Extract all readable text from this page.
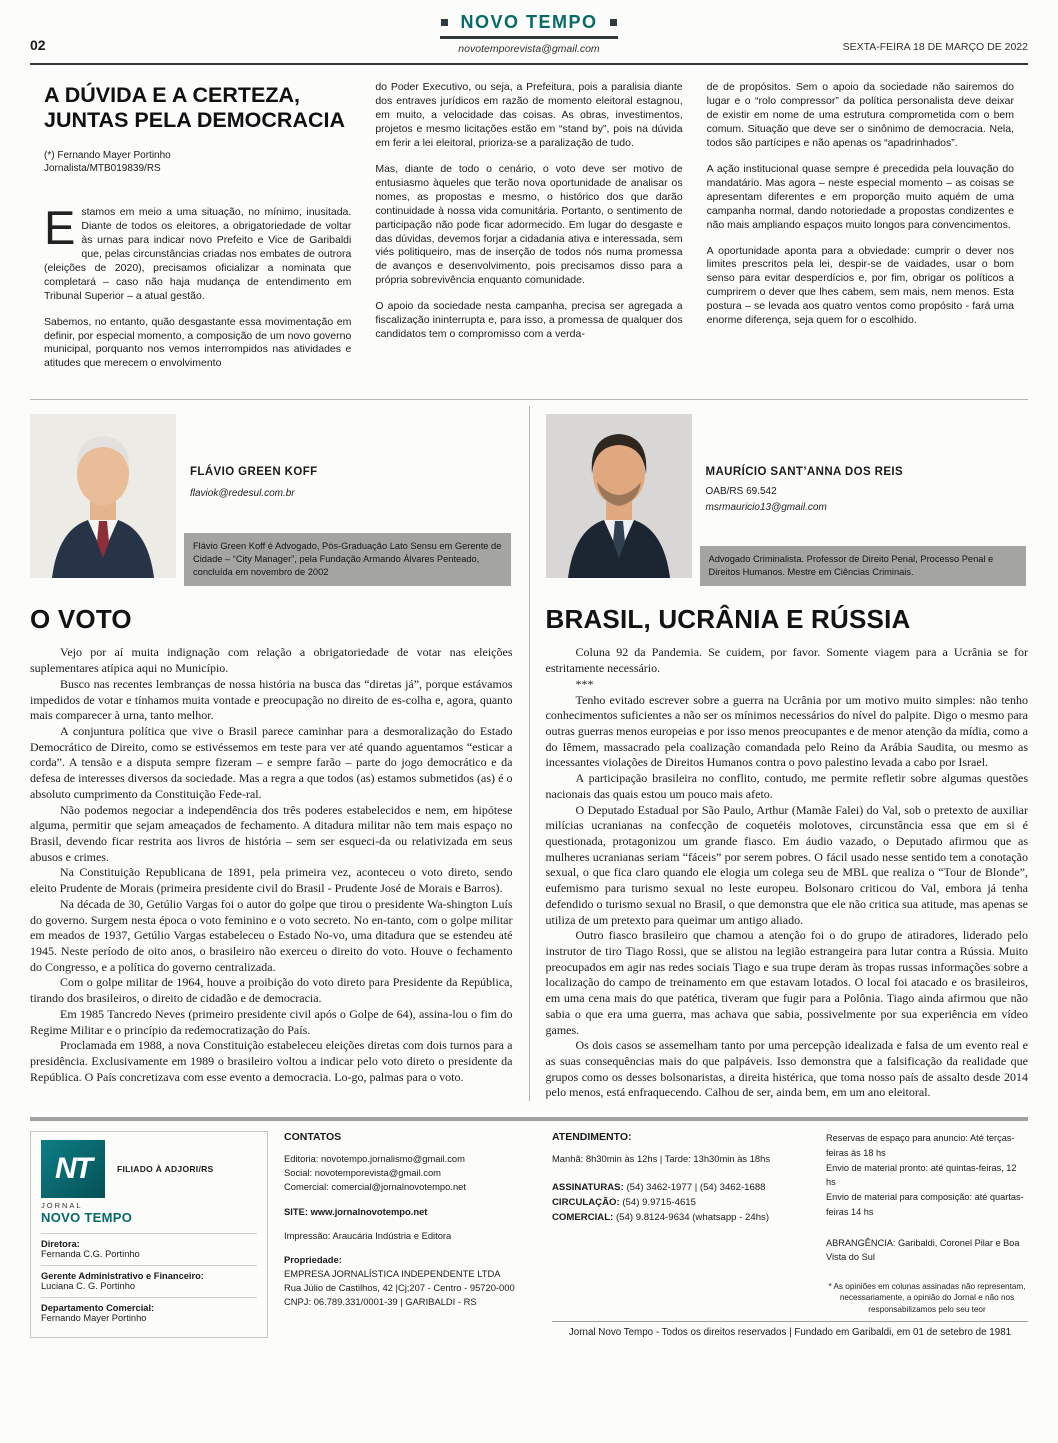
NOVO TEMPO
novotemporevista@gmail.com
02	SEXTA-FEIRA 18 DE MARÇO DE 2022
A DÚVIDA E A CERTEZA, JUNTAS PELA DEMOCRACIA
(*) Fernando Mayer Portinho
Jornalista/MTB019839/RS

Estamos em meio a uma situação, no mínimo, inusitada. Diante de todos os eleitores, a obrigatoriedade de voltar às urnas para indicar novo Prefeito e Vice de Garibaldi que, pelas circunstâncias criadas nos embates de outrora (eleições de 2020), precisamos oficializar a nominata que completará – caso não haja mudança de entendimento em Tribunal Superior – a atual gestão.

Sabemos, no entanto, quão desgastante essa movimentação em definir, por especial momento, a composição de um novo governo municipal, porquanto nos vemos interrompidos nas atividades e atitudes que merecem o envolvimento

do Poder Executivo, ou seja, a Prefeitura, pois a paralisia diante dos entraves jurídicos em razão de momento eleitoral estagnou, em muito, a velocidade das coisas. As obras, investimentos, projetos e mesmo licitações estão em “stand by”, pois na dúvida em ferir a lei eleitoral, prioriza-se a paralização de tudo.

Mas, diante de todo o cenário, o voto deve ser motivo de entusiasmo àqueles que terão nova oportunidade de analisar os nomes, as propostas e mesmo, o histórico dos que darão continuidade à nossa vida comunitária. Portanto, o sentimento de participação não pode ficar adormecido. Em lugar do desgaste e das dúvidas, devemos forjar a cidadania ativa e interessada, sem viés politiqueiro, mas de inserção de todos nós numa promessa de avanços e desenvolvimento, pois precisamos disso para a própria sobrevivência enquanto comunidade.

O apoio da sociedade nesta campanha, precisa ser agregada a fiscalização ininterrupta e, para isso, a promessa de qualquer dos candidatos tem o compromisso com a verda-

de de propósitos. Sem o apoio da sociedade não sairemos do lugar e o “rolo compressor” da política personalista deve deixar de existir em nome de uma estrutura comprometida com o bem comum. Situação que deve ser o sinônimo de democracia. Nela, todos são partícipes e não apenas os “apadrinhados”.

A ação institucional quase sempre é precedida pela louvação do mandatário. Mas agora – neste especial momento – as coisas se apresentam diferentes e em proporção muito aquém de uma campanha normal, dando notoriedade a propostas condizentes e não mais ampliando espaços muito longos para convencimentos.

A oportunidade aponta para a obviedade: cumprir o dever nos limites prescritos pela lei, despir-se de vaidades, usar o bom senso para evitar desperdícios e, por fim, obrigar os políticos a cumprirem o dever que lhes cabem, sem mais, nem menos. Esta postura – se levada aos quatro ventos como propósito - fará uma enorme diferença, seja quem for o escolhido.

FLÁVIO GREEN KOFF
flaviok@redesul.com.br
Flávio Green Koff é Advogado, Pós-Graduação Lato Sensu em Gerente de Cidade – “City Manager”, pela Fundação Armando Álvares Penteado, concluída em novembro de 2002
O VOTO

Vejo por aí muita indignação com relação a obrigatoriedade de votar nas eleições suplementares atípica aqui no Município.

Busco nas recentes lembranças de nossa história na busca das “diretas já”, porque estávamos impedidos de votar e tínhamos muita vontade e preocupação no direito de es-colha e, agora, quanto mais comparecer à urna, tanto melhor.

A conjuntura política que vive o Brasil parece caminhar para a desmoralização do Estado Democrático de Direito, como se estivéssemos em teste para ver até quando aguentamos “esticar a corda”. A tensão e a disputa sempre fizeram – e sempre farão – parte do jogo democrático e da defesa de interesses diversos da sociedade. Mas a regra a que todos (as) estamos submetidos (as) é o absoluto cumprimento da Constituição Fede-ral.

Não podemos negociar a independência dos três poderes estabelecidos e nem, em hipótese alguma, permitir que sejam ameaçados de fechamento. A ditadura militar não tem mais espaço no Brasil, devendo ficar restrita aos livros de história – sem ser esqueci-da ou relativizada em seus abusos e crimes.

Na Constituição Republicana de 1891, pela primeira vez, aconteceu o voto direto, sendo eleito Prudente de Morais (primeira presidente civil do Brasil - Prudente José de Morais e Barros).

Na década de 30, Getúlio Vargas foi o autor do golpe que tirou o presidente Wa-shington Luís do governo. Surgem nesta época o voto feminino e o voto secreto. No en-tanto, com o golpe militar em meados de 1937, Getúlio Vargas estabeleceu o Estado No-vo, uma ditadura que se estendeu até 1945. Neste período de oito anos, o brasileiro não exerceu o direito do voto. Houve o fechamento do Congresso, e a política do governo centralizada.

Com o golpe militar de 1964, houve a proibição do voto direto para Presidente da República, tirando dos brasileiros, o direito de cidadão e de democracia.

Em 1985 Tancredo Neves (primeiro presidente civil após o Golpe de 64), assina-lou o fim do Regime Militar e o princípio da redemocratização do País.

Proclamada em 1988, a nova Constituição estabeleceu eleições diretas com dois turnos para a presidência. Exclusivamente em 1989 o brasileiro voltou a indicar pelo voto direto o presidente da República. O País concretizava com esse evento a democracia. Lo-go, palmas para o voto.

MAURÍCIO SANT’ANNA DOS REIS
OAB/RS 69.542
msrmauricio13@gmail.com
Advogado Criminalista. Professor de Direito Penal, Processo Penal e Direitos Humanos. Mestre em Ciências Criminais.
BRASIL, UCRÂNIA E RÚSSIA

Coluna 92 da Pandemia. Se cuidem, por favor. Somente viagem para a Ucrânia se for estritamente necessário.

***

Tenho evitado escrever sobre a guerra na Ucrânia por um motivo muito simples: não tenho conhecimentos suficientes a não ser os mínimos necessários do nível do palpite. Digo o mesmo para outras guerras menos europeias e por isso menos preocupantes e de menor atenção da mídia, como a do Iêmem, massacrado pela coalização comandada pelo Reino da Arábia Saudita, ou mesmo as incessantes violações de Direitos Humanos contra o povo palestino levada a cabo por Israel.

A participação brasileira no conflito, contudo, me permite refletir sobre algumas questões nacionais das quais estou um pouco mais afeto.

O Deputado Estadual por São Paulo, Arthur (Mamãe Falei) do Val, sob o pretexto de auxiliar milícias ucranianas na confecção de coquetéis molotoves, circunstância essa que em si é questionada, protagonizou um grande fiasco. Em áudio vazado, o Deputado afirmou que as mulheres ucranianas seriam “fáceis” por serem pobres. O fácil usado nesse sentido tem a conotação sexual, o que fica claro quando ele elogia um colega seu de MBL que realiza o “Tour de Blonde”, eufemismo para turismo sexual no leste europeu. Bolsonaro criticou do Val, embora já tenha defendido o turismo sexual no Brasil, o que demonstra que ele não critica sua atitude, mas apenas se utiliza de um pretexto para queimar um antigo aliado.

Outro fiasco brasileiro que chamou a atenção foi o do grupo de atiradores, liderado pelo instrutor de tiro Tiago Rossi, que se alistou na legião estrangeira para lutar contra a Rússia. Muito preocupados em agir nas redes sociais Tiago e sua trupe deram às tropas russas informações sobre a localização do campo de treinamento em que estavam lotados. O local foi atacado e os brasileiros, em uma cena mais do que patética, tiveram que fugir para a Polônia. Tiago ainda afirmou que não sabia o que era uma guerra, mas achava que sabia, possivelmente por sua experiência em vídeo games.

Os dois casos se assemelham tanto por uma percepção idealizada e falsa de um evento real e as suas consequências mais do que palpáveis. Isso demonstra que a falsificação da realidade que grupos como os desses bolsonaristas, a direita histérica, que toma nosso país de assalto desde 2014 pelo menos, está enfraquecendo. Calhou de ser, ainda bem, em um ano eleitoral.

NT	FILIADO À ADJORI/RS
JORNAL
NOVO TEMPO
Diretora:
Fernanda C.G. Portinho
Gerente Administrativo e Financeiro:
Luciana C. G. Portinho
Departamento Comercial:
Fernando Mayer Portinho
CONTATOS
Editoria: novotempo.jornalismo@gmail.com
Social: novotemporevista@gmail.com
Comercial: comercial@jornalnovotempo.net
SITE: www.jornalnovotempo.net
Impressão: Araucária Indústria e Editora
Propriedade:
EMPRESA JORNALÍSTICA INDEPENDENTE LTDA
Rua Júlio de Castilhos, 42 |Cj;207 - Centro - 95720-000
CNPJ: 06.789.331/0001-39 | GARIBALDI - RS
ATENDIMENTO:
Manhã: 8h30min às 12hs | Tarde: 13h30min às 18hs
ASSINATURAS: (54) 3462-1977 | (54) 3462-1688
CIRCULAÇÃO: (54) 9.9715-4615
COMERCIAL: (54) 9.8124-9634 (whatsapp - 24hs)
Reservas de espaço para anuncio: Até terças-feiras às 18 hs
Envio de material pronto: até quintas-feiras, 12 hs
Envio de material para composição: até quartas-feiras 14 hs
ABRANGÊNCIA: Garibaldi, Coronel Pilar e Boa Vista do Sul
* As opiniões em colunas assinadas não representam, necessariamente, a opinião do Jornal e não nos responsabilizamos pelo seu teor
Jornal Novo Tempo - Todos os direitos reservados | Fundado em Garibaldi, em 01 de setebro de 1981
